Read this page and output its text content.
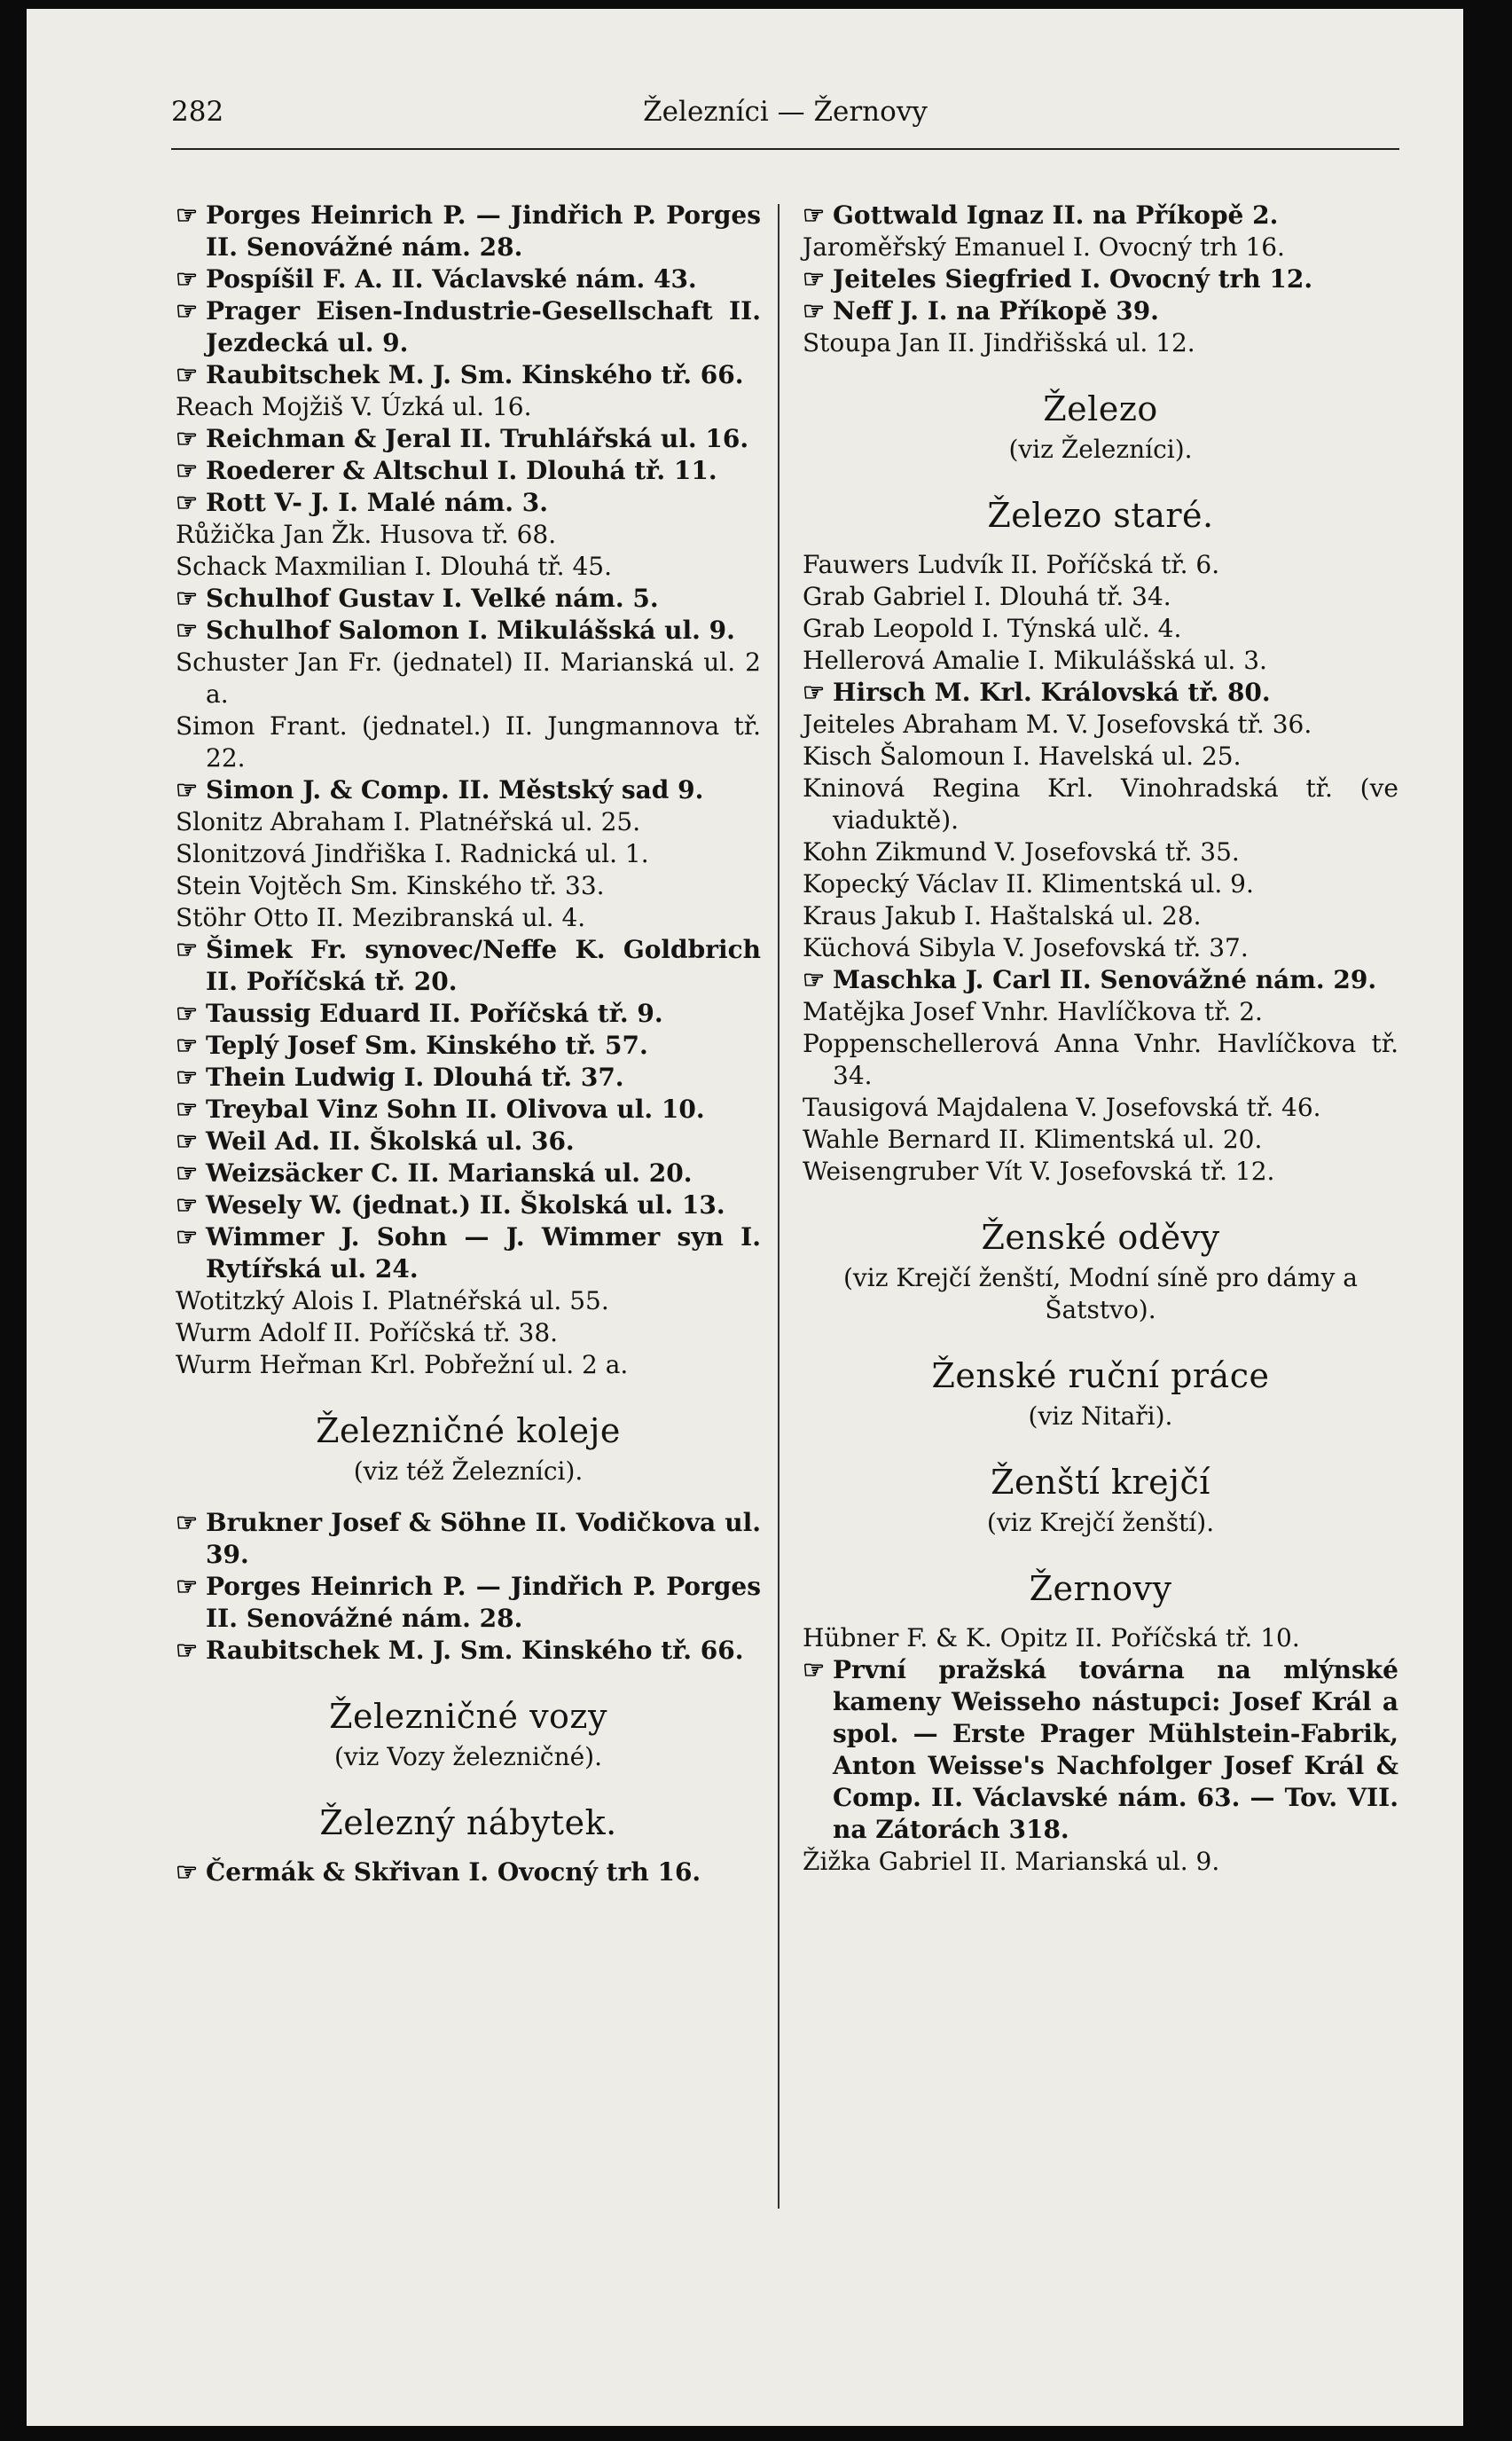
282	Železníci — Žernovy

☞ Porges Heinrich P. — Jindřich P. Porges II. Senovážné nám. 28.

☞ Pospíšil F. A. II. Václavské nám. 43.

☞ Prager Eisen-Industrie-Gesellschaft II. Jezdecká ul. 9.

☞ Raubitschek M. J. Sm. Kinského tř. 66.

Reach Mojžiš V. Úzká ul. 16.

☞ Reichman & Jeral II. Truhlářská ul. 16.

☞ Roederer & Altschul I. Dlouhá tř. 11.

☞ Rott V- J. I. Malé nám. 3.

Růžička Jan Žk. Husova tř. 68.

Schack Maxmilian I. Dlouhá tř. 45.

☞ Schulhof Gustav I. Velké nám. 5.

☞ Schulhof Salomon I. Mikulášská ul. 9.

Schuster Jan Fr. (jednatel) II. Marianská ul. 2 a.

Simon Frant. (jednatel.) II. Jungmannova tř. 22.

☞ Simon J. & Comp. II. Městský sad 9.

Slonitz Abraham I. Platnéřská ul. 25.

Slonitzová Jindřiška I. Radnická ul. 1.

Stein Vojtěch Sm. Kinského tř. 33.

Stöhr Otto II. Mezibranská ul. 4.

☞ Šimek Fr. synovec/Neffe K. Goldbrich II. Poříčská tř. 20.

☞ Taussig Eduard II. Poříčská tř. 9.

☞ Teplý Josef Sm. Kinského tř. 57.

☞ Thein Ludwig I. Dlouhá tř. 37.

☞ Treybal Vinz Sohn II. Olivova ul. 10.

☞ Weil Ad. II. Školská ul. 36.

☞ Weizsäcker C. II. Marianská ul. 20.

☞ Wesely W. (jednat.) II. Školská ul. 13.

☞ Wimmer J. Sohn — J. Wimmer syn I. Rytířská ul. 24.

Wotitzký Alois I. Platnéřská ul. 55.

Wurm Adolf II. Poříčská tř. 38.

Wurm Heřman Krl. Pobřežní ul. 2 a.

Železničné koleje
(viz též Železníci).

☞ Brukner Josef & Söhne II. Vodičkova ul. 39.

☞ Porges Heinrich P. — Jindřich P. Porges II. Senovážné nám. 28.

☞ Raubitschek M. J. Sm. Kinského tř. 66.

Železničné vozy
(viz Vozy železničné).
Železný nábytek.

☞ Čermák & Skřivan I. Ovocný trh 16.

☞ Gottwald Ignaz II. na Příkopě 2.

Jaroměřský Emanuel I. Ovocný trh 16.

☞ Jeiteles Siegfried I. Ovocný trh 12.

☞ Neff J. I. na Příkopě 39.

Stoupa Jan II. Jindřišská ul. 12.

Železo
(viz Železníci).
Železo staré.

Fauwers Ludvík II. Poříčská tř. 6.

Grab Gabriel I. Dlouhá tř. 34.

Grab Leopold I. Týnská ulč. 4.

Hellerová Amalie I. Mikulášská ul. 3.

☞ Hirsch M. Krl. Královská tř. 80.

Jeiteles Abraham M. V. Josefovská tř. 36.

Kisch Šalomoun I. Havelská ul. 25.

Kninová Regina Krl. Vinohradská tř. (ve viaduktě).

Kohn Zikmund V. Josefovská tř. 35.

Kopecký Václav II. Klimentská ul. 9.

Kraus Jakub I. Haštalská ul. 28.

Küchová Sibyla V. Josefovská tř. 37.

☞ Maschka J. Carl II. Senovážné nám. 29.

Matějka Josef Vnhr. Havlíčkova tř. 2.

Poppenschellerová Anna Vnhr. Havlíčkova tř. 34.

Tausigová Majdalena V. Josefovská tř. 46.

Wahle Bernard II. Klimentská ul. 20.

Weisengruber Vít V. Josefovská tř. 12.

Ženské oděvy
(viz Krejčí ženští, Modní síně pro dámy a Šatstvo).
Ženské ruční práce
(viz Nitaři).
Ženští krejčí
(viz Krejčí ženští).
Žernovy

Hübner F. & K. Opitz II. Poříčská tř. 10.

☞ První pražská továrna na mlýnské kameny Weisseho nástupci: Josef Král a spol. — Erste Prager Mühlstein-Fabrik, Anton Weisse's Nachfolger Josef Král & Comp. II. Václavské nám. 63. — Tov. VII. na Zátorách 318.

Žižka Gabriel II. Marianská ul. 9.
